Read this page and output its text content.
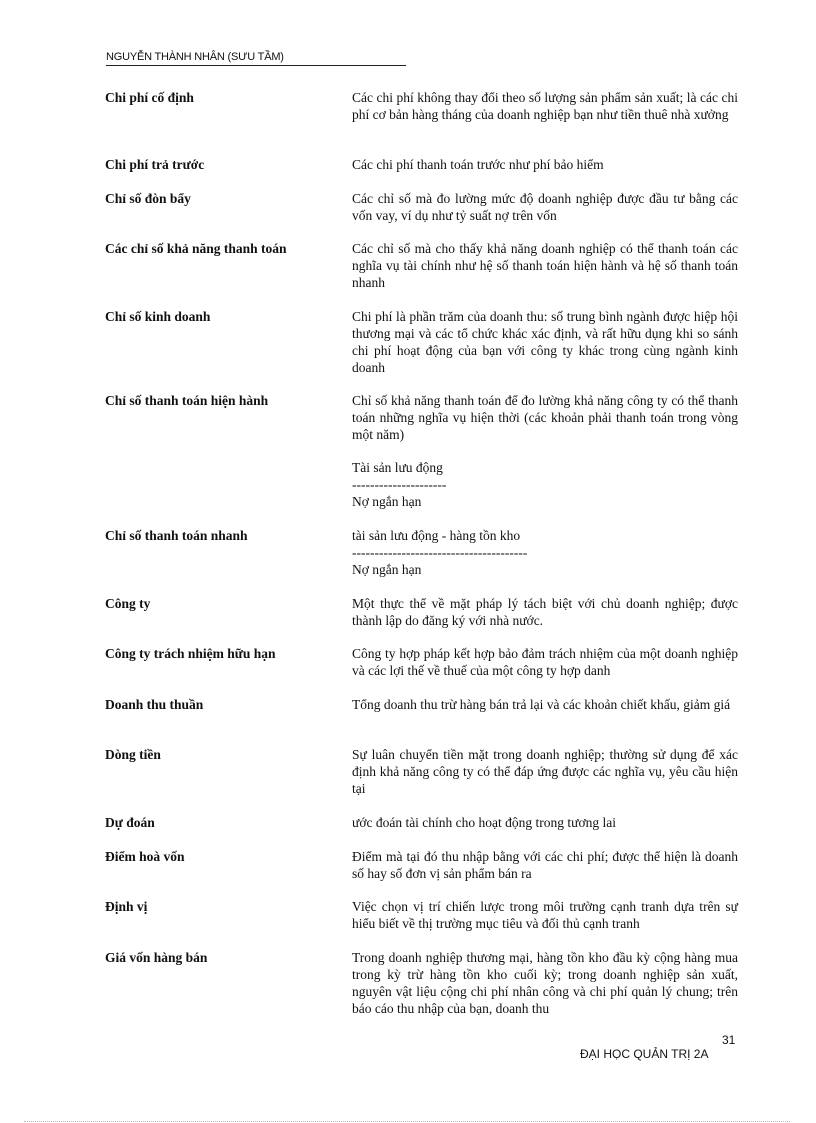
NGUYỄN THÀNH NHÂN (SƯU TẦM)
Chi phí cố định	Các chi phí không thay đổi theo số lượng sản phẩm sản xuất; là các chi phí cơ bản hàng tháng của doanh nghiệp bạn như tiền thuê nhà xưởng
Chi phí trả trước	Các chi phí thanh toán trước như phí bảo hiểm
Chỉ số đòn bẩy	Các chỉ số mà đo lường mức độ doanh nghiệp được đầu tư bằng các vốn vay, ví dụ như tỷ suất nợ trên vốn
Các chỉ số khả năng thanh toán	Các chỉ số mà cho thấy khả năng doanh nghiệp có thể thanh toán các nghĩa vụ tài chính như hệ số thanh toán hiện hành và hệ số thanh toán nhanh
Chỉ số kinh doanh	Chi phí là phần trăm của doanh thu: số trung bình ngành được hiệp hội thương mại và các tổ chức khác xác định, và rất hữu dụng khi so sánh chi phí hoạt động của bạn với công ty khác trong cùng ngành kinh doanh
Chỉ số thanh toán hiện hành	Chỉ số khả năng thanh toán để đo lường khả năng công ty có thể thanh toán những nghĩa vụ hiện thời (các khoản phải thanh toán trong vòng một năm)
Tài sản lưu động
---------------------
Nợ ngắn hạn
Chỉ số thanh toán nhanh	tài sản lưu động - hàng tồn kho
---------------------------------------
Nợ ngắn hạn
Công ty	Một thực thể về mặt pháp lý tách biệt với chủ doanh nghiệp; được thành lập do đăng ký với nhà nước.
Công ty trách nhiệm hữu hạn	Công ty hợp pháp kết hợp bảo đảm trách nhiệm của một doanh nghiệp và các lợi thế về thuế của một công ty hợp danh
Doanh thu thuần	Tổng doanh thu trừ hàng bán trả lại và các khoản chiết khấu, giảm giá
Dòng tiền	Sự luân chuyển tiền mặt trong doanh nghiệp; thường sử dụng để xác định khả năng công ty có thể đáp ứng được các nghĩa vụ, yêu cầu hiện tại
Dự đoán	ước đoán tài chính cho hoạt động trong tương lai
Điểm hoà vốn	Điểm mà tại đó thu nhập bằng với các chi phí; được thể hiện là doanh số hay số đơn vị sản phẩm bán ra
Định vị	Việc chọn vị trí chiến lược trong môi trường cạnh tranh dựa trên sự hiểu biết về thị trường mục tiêu và đối thủ cạnh tranh
Giá vốn hàng bán	Trong doanh nghiệp thương mại, hàng tồn kho đầu kỳ cộng hàng mua trong kỳ trừ hàng tồn kho cuối kỳ; trong doanh nghiệp sản xuất, nguyên vật liệu cộng chi phí nhân công và chi phí quản lý chung; trên báo cáo thu nhập của bạn, doanh thu
31
ĐẠI HỌC QUẢN TRỊ 2A
